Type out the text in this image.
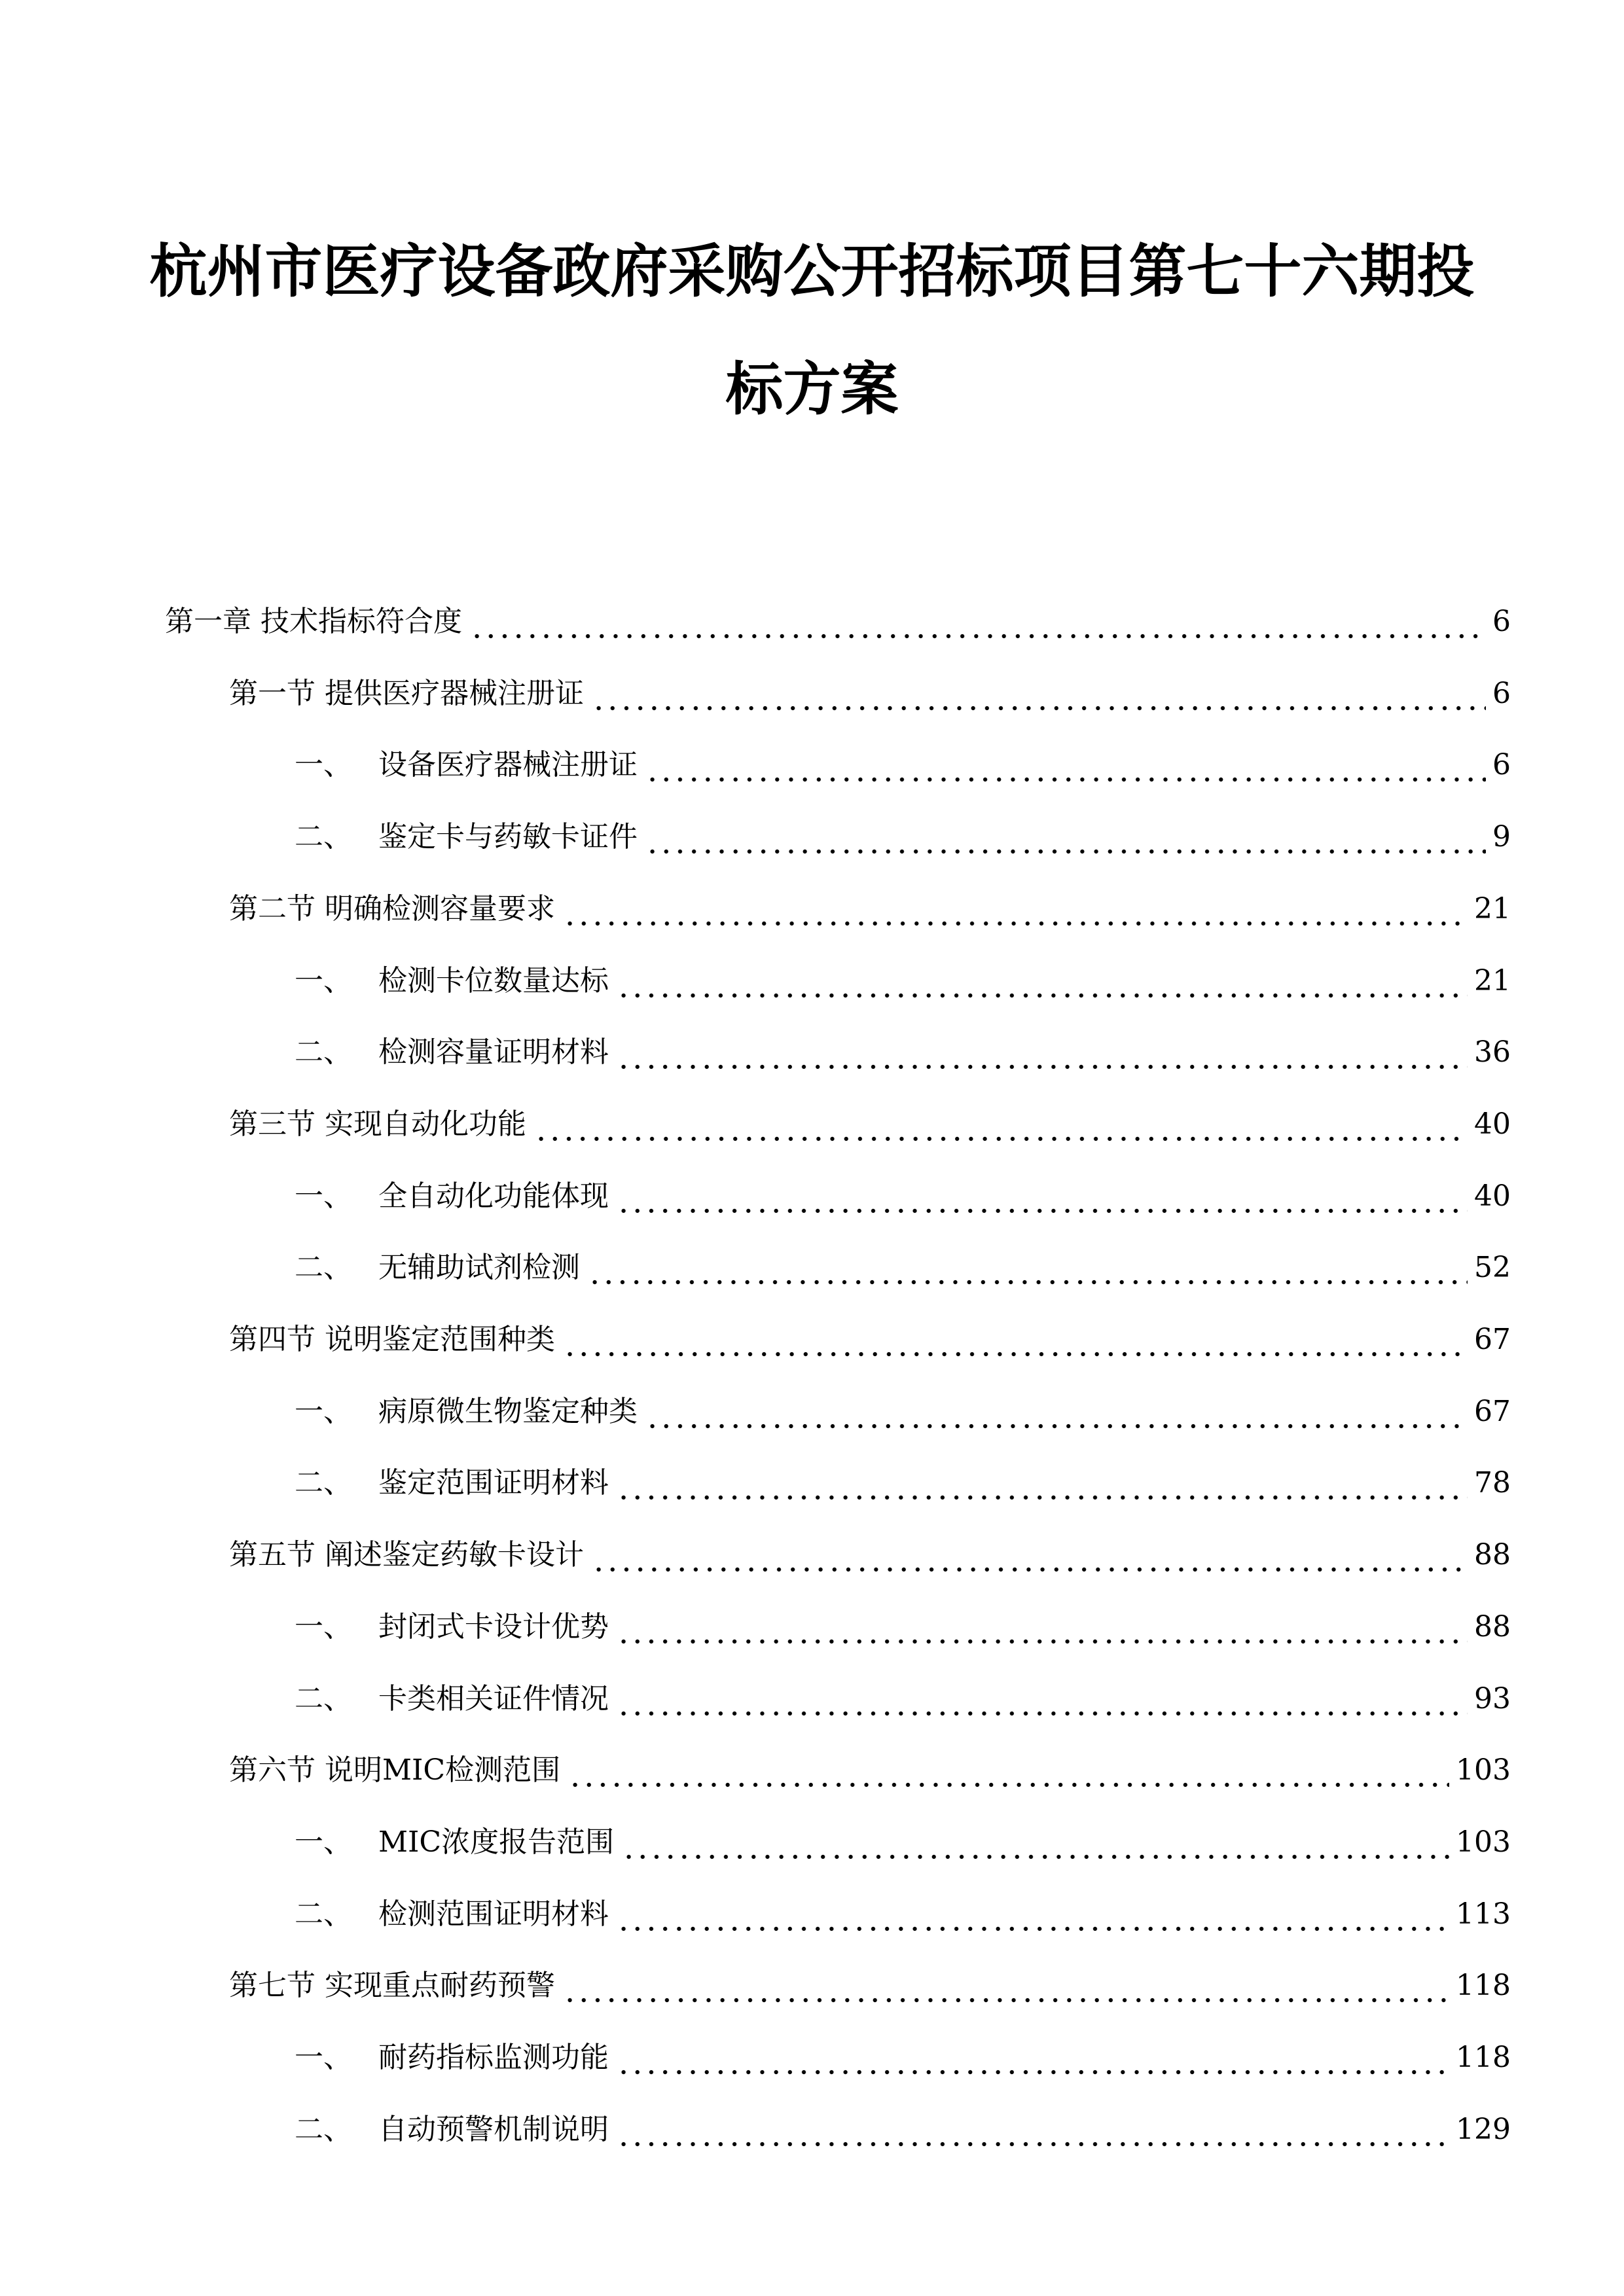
杭州市医疗设备政府采购公开招标项目第七十六期投
标方案
第一章 技术指标符合度	6
第一节 提供医疗器械注册证	6
一、 设备医疗器械注册证	6
二、 鉴定卡与药敏卡证件	9
第二节 明确检测容量要求	21
一、 检测卡位数量达标	21
二、 检测容量证明材料	36
第三节 实现自动化功能	40
一、 全自动化功能体现	40
二、 无辅助试剂检测	52
第四节 说明鉴定范围种类	67
一、 病原微生物鉴定种类	67
二、 鉴定范围证明材料	78
第五节 阐述鉴定药敏卡设计	88
一、 封闭式卡设计优势	88
二、 卡类相关证件情况	93
第六节 说明MIC检测范围	103
一、 MIC浓度报告范围	103
二、 检测范围证明材料	113
第七节 实现重点耐药预警	118
一、 耐药指标监测功能	118
二、 自动预警机制说明	129
